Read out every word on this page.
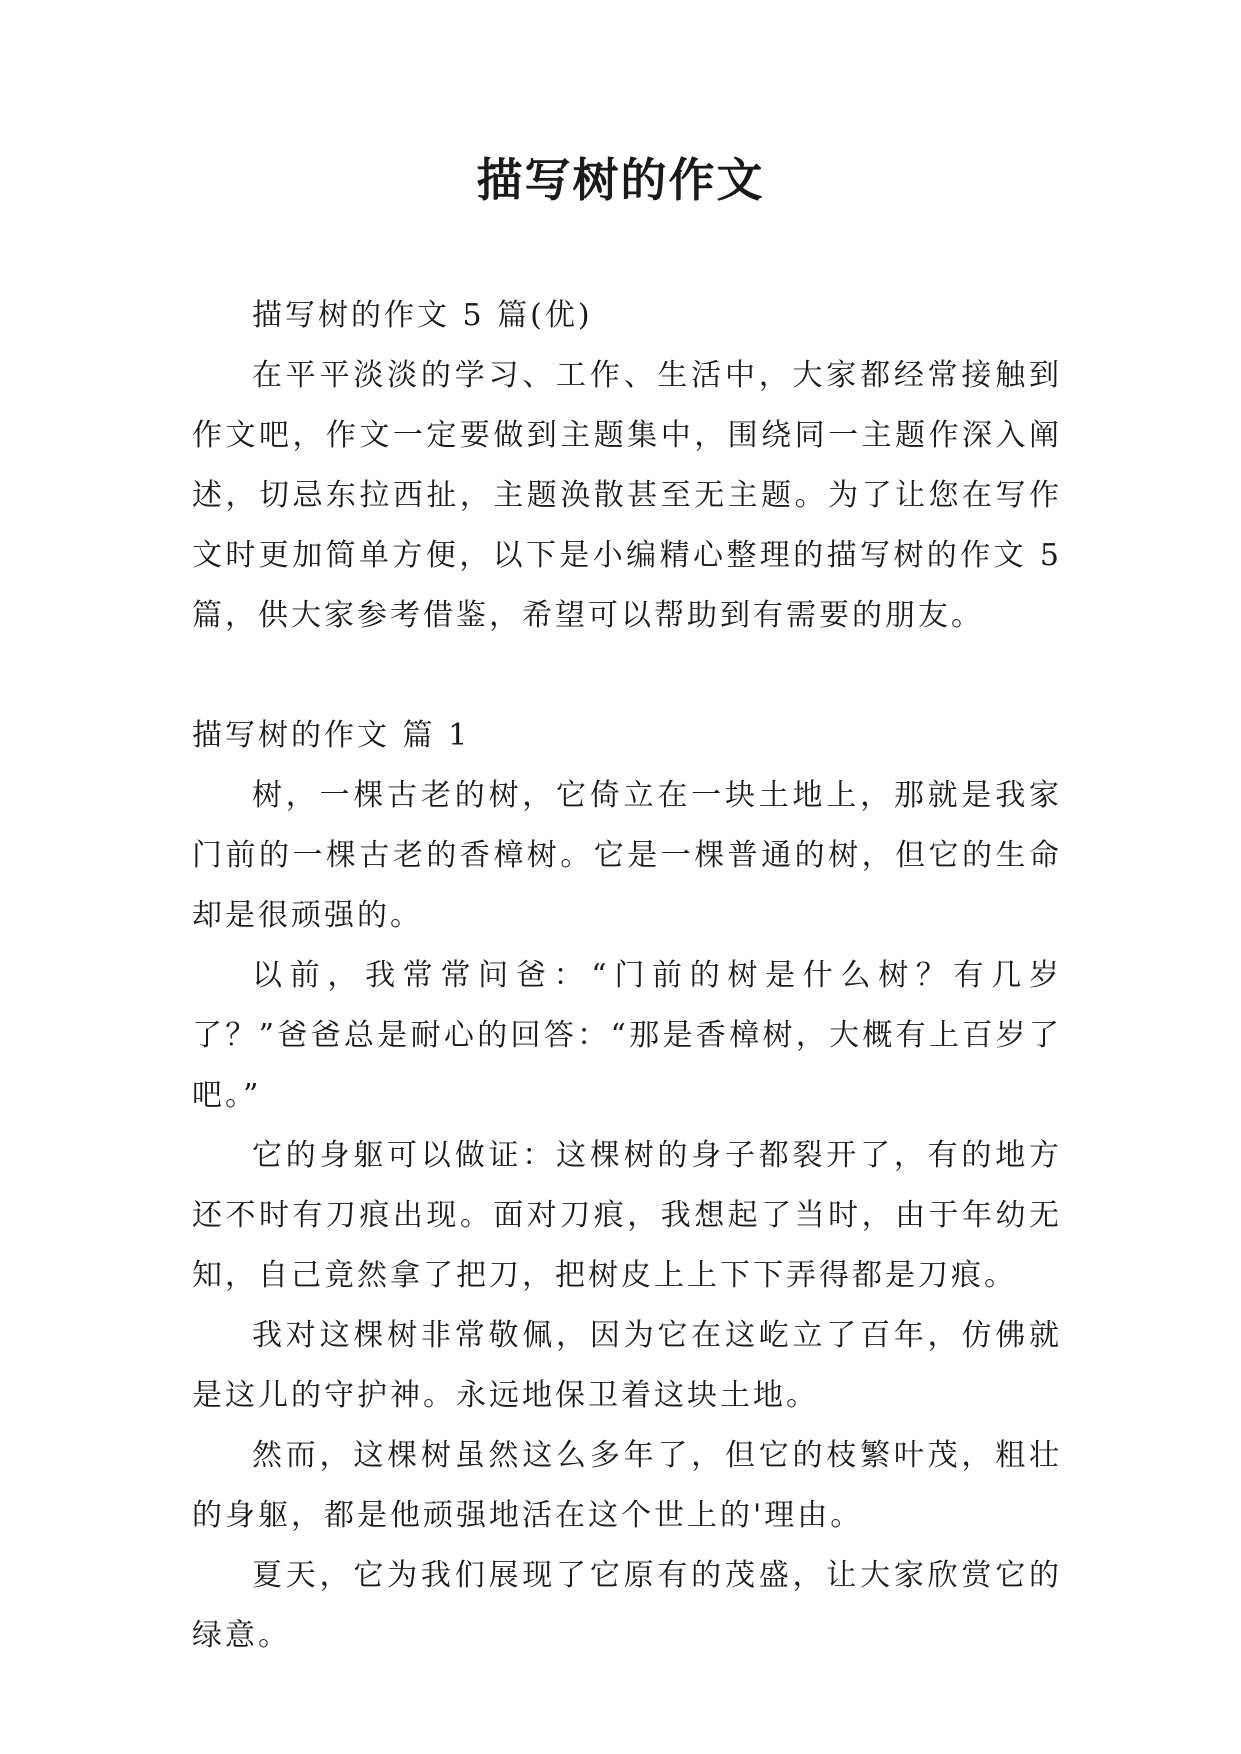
描写树的作文

描写树的作文 5 篇(优)

在平平淡淡的学习、工作、生活中，大家都经常接触到作文吧，作文一定要做到主题集中，围绕同一主题作深入阐述，切忌东拉西扯，主题涣散甚至无主题。为了让您在写作文时更加简单方便，以下是小编精心整理的描写树的作文 5 篇，供大家参考借鉴，希望可以帮助到有需要的朋友。

描写树的作文 篇 1

树，一棵古老的树，它倚立在一块土地上，那就是我家门前的一棵古老的香樟树。它是一棵普通的树，但它的生命却是很顽强的。

以前，我常常问爸：“门前的树是什么树？有几岁了？”爸爸总是耐心的回答：“那是香樟树，大概有上百岁了吧。”

它的身躯可以做证：这棵树的身子都裂开了，有的地方还不时有刀痕出现。面对刀痕，我想起了当时，由于年幼无知，自己竟然拿了把刀，把树皮上上下下弄得都是刀痕。

我对这棵树非常敬佩，因为它在这屹立了百年，仿佛就是这儿的守护神。永远地保卫着这块土地。

然而，这棵树虽然这么多年了，但它的枝繁叶茂，粗壮的身躯，都是他顽强地活在这个世上的'理由。

夏天，它为我们展现了它原有的茂盛，让大家欣赏它的绿意。
